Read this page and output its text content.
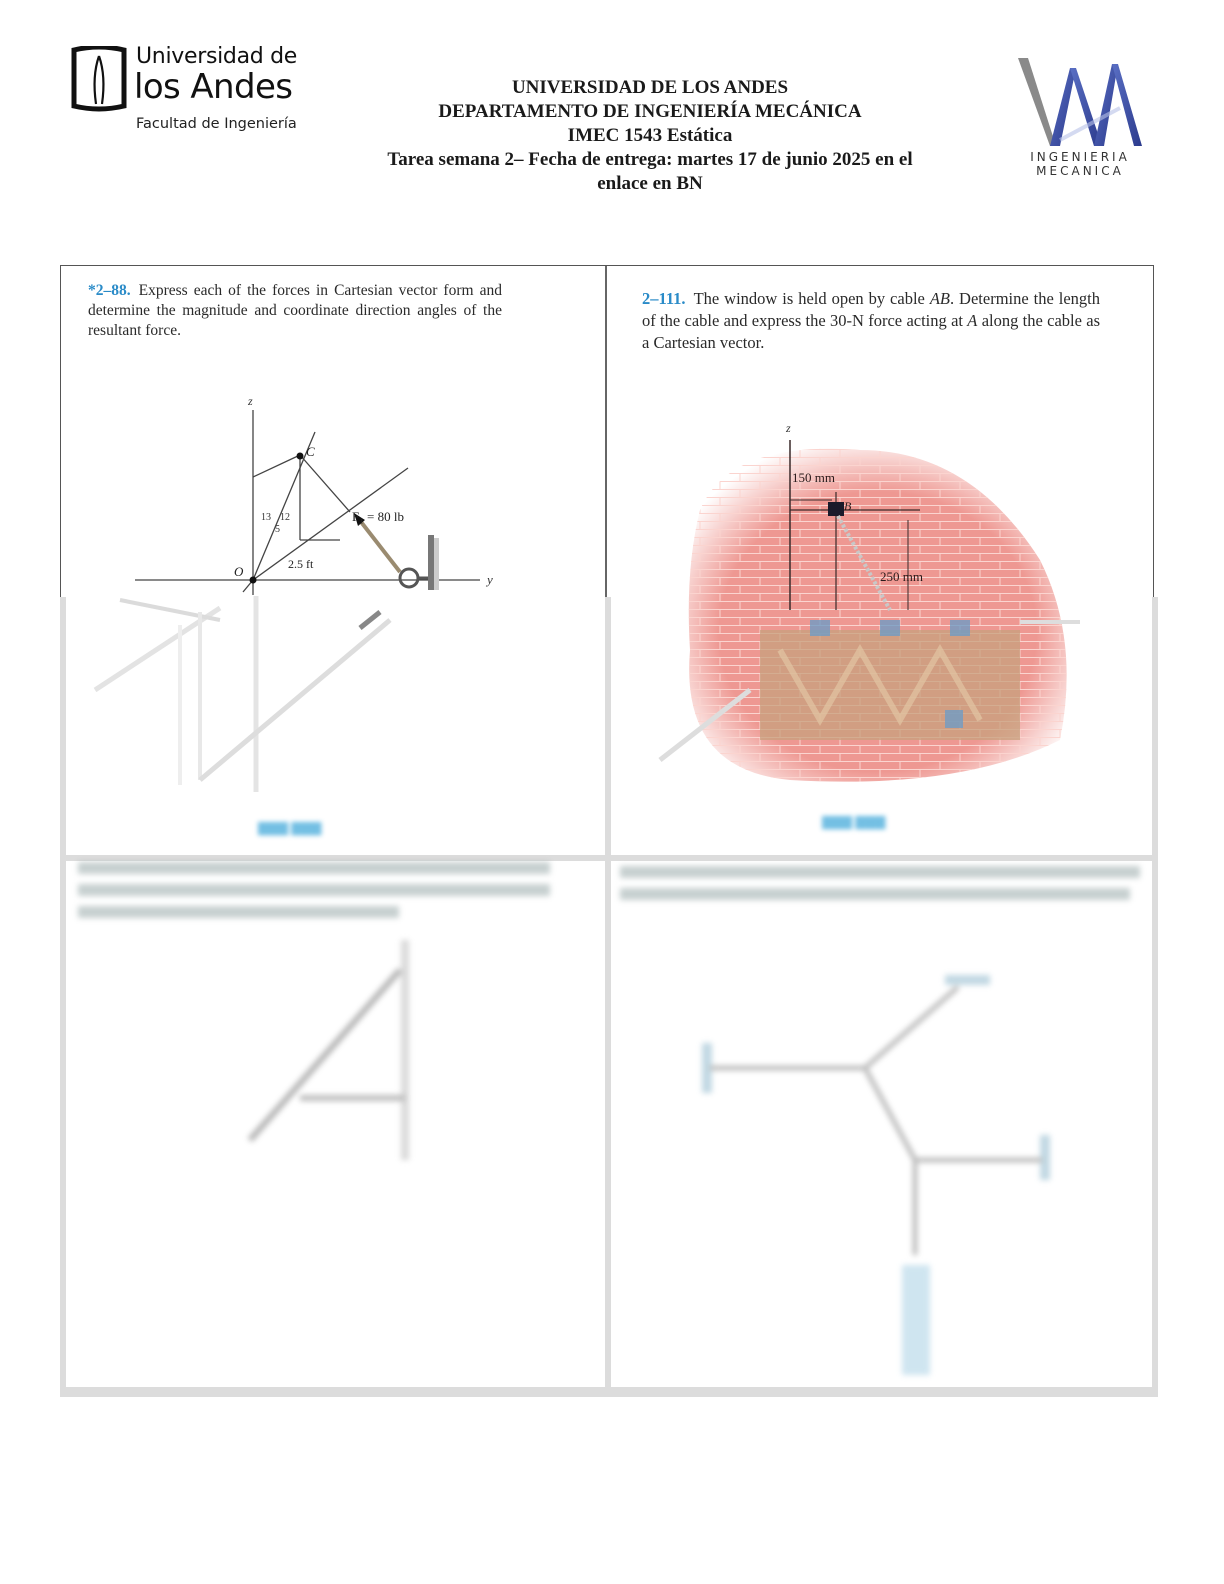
Universidad de
los Andes
Facultad de Ingeniería
UNIVERSIDAD DE LOS ANDES
DEPARTAMENTO DE INGENIERÍA MECÁNICA
IMEC 1543 Estática
Tarea semana 2– Fecha de entrega: martes 17 de junio 2025 en el
enlace en BN
INGENIERIA
MECANICA
*2–88. Express each of the forces in Cartesian vector form and determine the magnitude and coordinate direction angles of the resultant force.
2–111. The window is held open by cable AB. Determine the length of the cable and express the 30-N force acting at A along the cable as a Cartesian vector.
z
y
C
O
13 12
5
F₁ = 80 lb
2.5 ft
▇▇▇ ▇▇▇
z
150 mm
B
250 mm
▇▇▇ ▇▇▇
